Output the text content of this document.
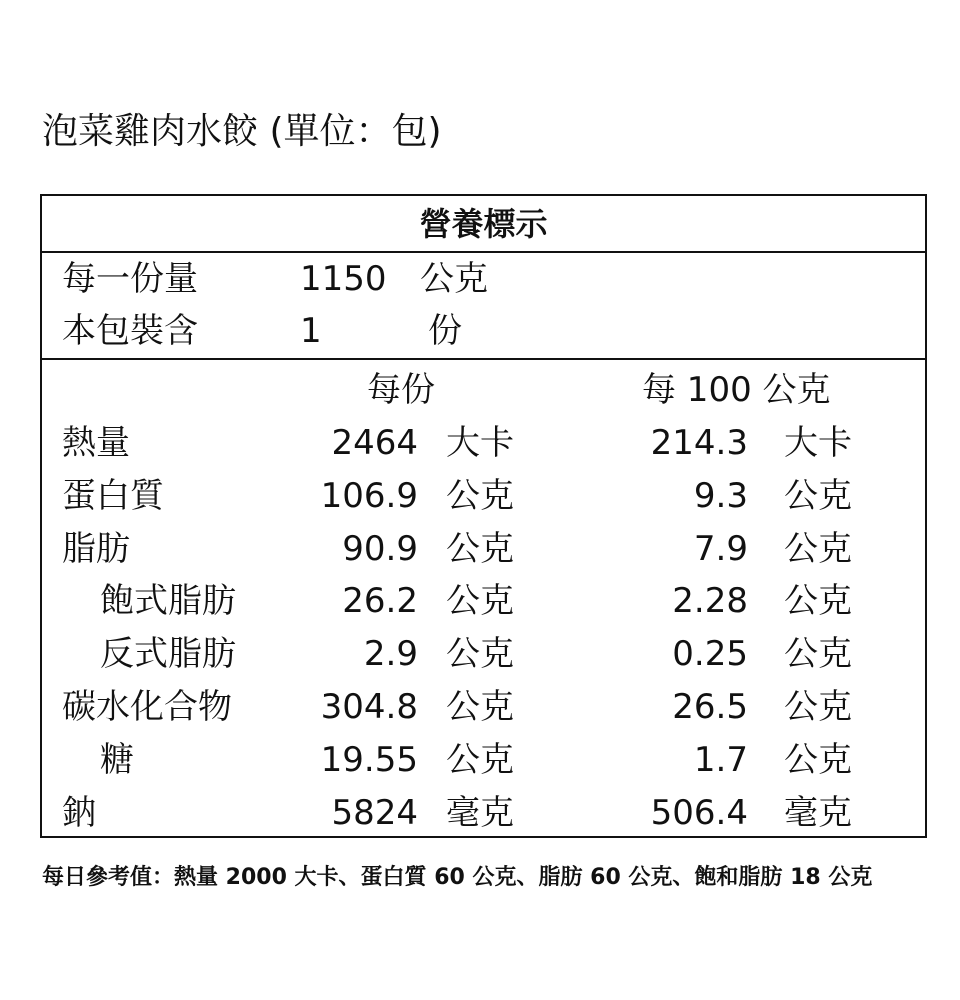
泡菜雞肉水餃 (單位：包)
營養標示
每一份量	1150 公克
本包裝含	1	份
每份	每 100 公克
熱量	2464 大卡	214.3 大卡
蛋白質	106.9 公克	9.3 公克
脂肪	90.9 公克	7.9 公克
飽式脂肪	26.2 公克	2.28 公克
反式脂肪	2.9 公克	0.25 公克
碳水化合物	304.8 公克	26.5 公克
糖	19.55 公克	1.7 公克
鈉	5824 毫克	506.4 毫克
每日參考值：熱量 2000 大卡、蛋白質 60 公克、脂肪 60 公克、飽和脂肪 18 公克
